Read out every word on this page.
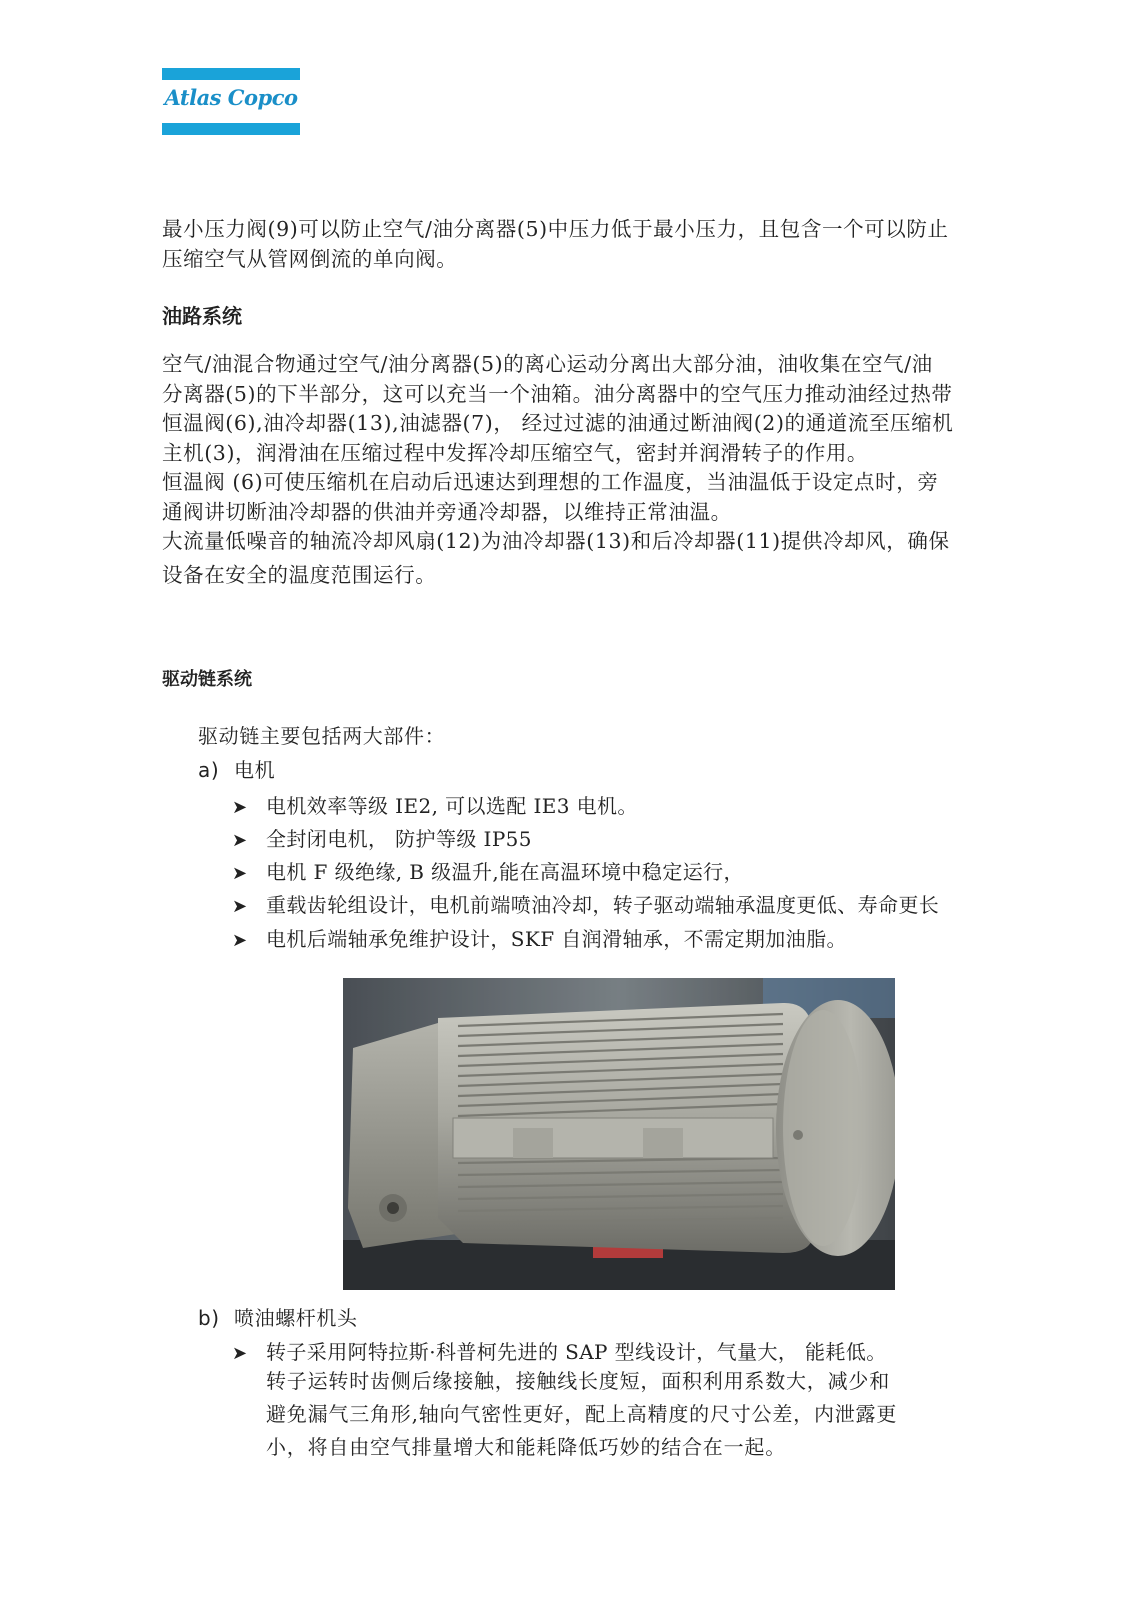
Atlas Copco
最小压力阀(9)可以防止空气/油分离器(5)中压力低于最小压力，且包含一个可以防止
压缩空气从管网倒流的单向阀。
油路系统
空气/油混合物通过空气/油分离器(5)的离心运动分离出大部分油，油收集在空气/油
分离器(5)的下半部分，这可以充当一个油箱。油分离器中的空气压力推动油经过热带
恒温阀(6),油冷却器(13),油滤器(7)， 经过过滤的油通过断油阀(2)的通道流至压缩机
主机(3)，润滑油在压缩过程中发挥冷却压缩空气，密封并润滑转子的作用。
恒温阀 (6)可使压缩机在启动后迅速达到理想的工作温度，当油温低于设定点时，旁
通阀讲切断油冷却器的供油并旁通冷却器，以维持正常油温。
大流量低噪音的轴流冷却风扇(12)为油冷却器(13)和后冷却器(11)提供冷却风，确保
设备在安全的温度范围运行。
驱动链系统
驱动链主要包括两大部件：
a) 电机
➤ 电机效率等级 IE2, 可以选配 IE3 电机。
➤ 全封闭电机， 防护等级 IP55
➤ 电机 F 级绝缘, B 级温升,能在高温环境中稳定运行，
➤ 重载齿轮组设计，电机前端喷油冷却，转子驱动端轴承温度更低、寿命更长
➤ 电机后端轴承免维护设计，SKF 自润滑轴承，不需定期加油脂。
b) 喷油螺杆机头
➤ 转子采用阿特拉斯·科普柯先进的 SAP 型线设计，气量大， 能耗低。
转子运转时齿侧后缘接触，接触线长度短，面积利用系数大，减少和
避免漏气三角形,轴向气密性更好，配上高精度的尺寸公差，内泄露更
小，将自由空气排量增大和能耗降低巧妙的结合在一起。
